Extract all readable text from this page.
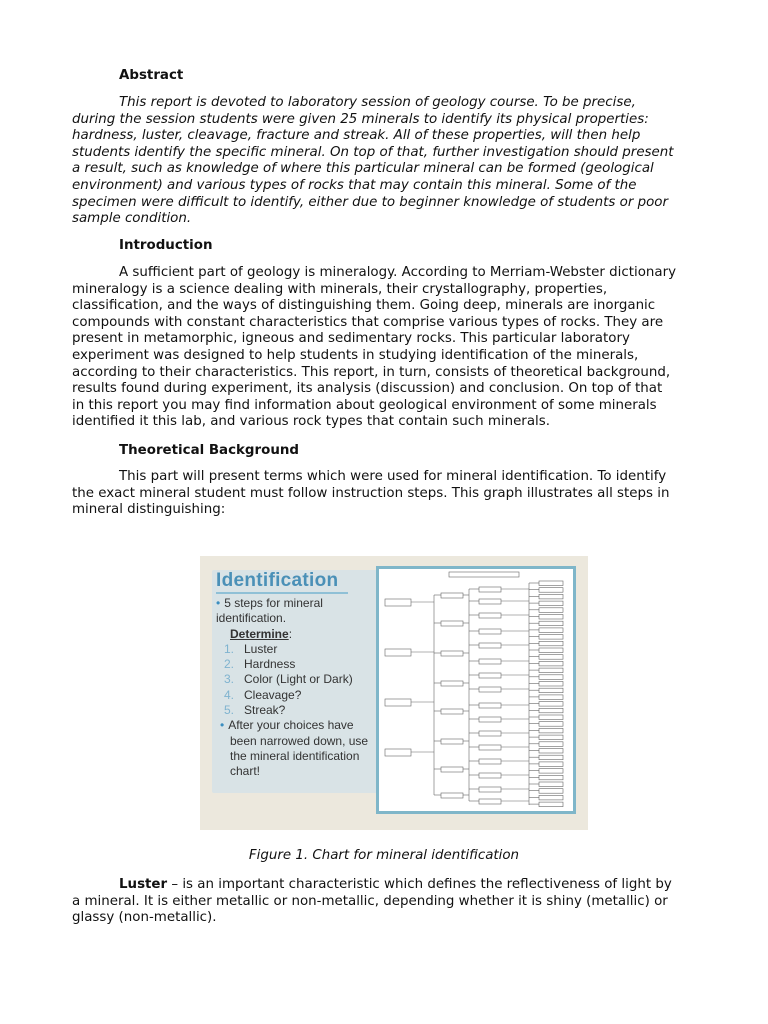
Abstract
This report is devoted to laboratory session of geology course. To be precise,
during the session students were given 25 minerals to identify its physical properties:
hardness, luster, cleavage, fracture and streak. All of these properties, will then help
students identify the specific mineral. On top of that, further investigation should present
a result, such as knowledge of where this particular mineral can be formed (geological
environment) and various types of rocks that may contain this mineral. Some of the
specimen were difficult to identify, either due to beginner knowledge of students or poor
sample condition.
Introduction
A sufficient part of geology is mineralogy. According to Merriam-Webster dictionary
mineralogy is a science dealing with minerals, their crystallography, properties,
classification, and the ways of distinguishing them. Going deep, minerals are inorganic
compounds with constant characteristics that comprise various types of rocks. They are
present in metamorphic, igneous and sedimentary rocks. This particular laboratory
experiment was designed to help students in studying identification of the minerals,
according to their characteristics. This report, in turn, consists of theoretical background,
results found during experiment, its analysis (discussion) and conclusion. On top of that
in this report you may find information about geological environment of some minerals
identified it this lab, and various rock types that contain such minerals.
Theoretical Background
This part will present terms which were used for mineral identification. To identify
the exact mineral student must follow instruction steps. This graph illustrates all steps in
mineral distinguishing:
Identification
• 5 steps for mineral identification.
Determine:
1. Luster
2. Hardness
3. Color (Light or Dark)
4. Cleavage?
5. Streak?
• After your choices have been narrowed down, use the mineral identification chart!
Figure 1. Chart for mineral identification
Luster – is an important characteristic which defines the reflectiveness of light by
a mineral. It is either metallic or non-metallic, depending whether it is shiny (metallic) or
glassy (non-metallic).
